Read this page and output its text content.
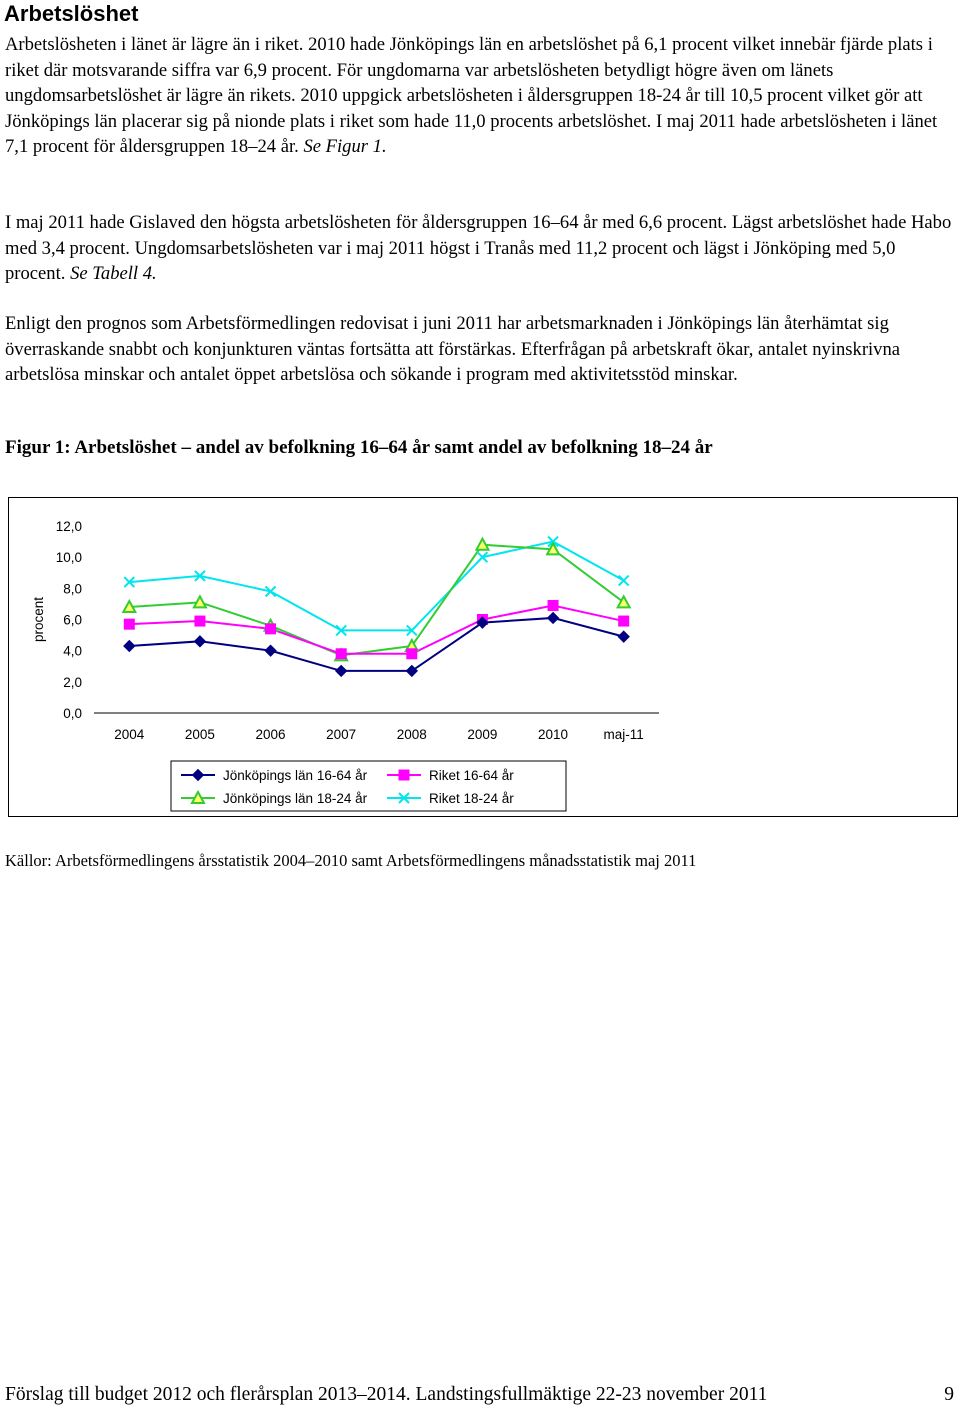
Arbetslöshet

Arbetslösheten i länet är lägre än i riket. 2010 hade Jönköpings län en arbetslöshet på 6,1 procent vilket innebär fjärde plats i riket där motsvarande siffra var 6,9 procent. För ungdomarna var arbetslösheten betydligt högre även om länets ungdomsarbetslöshet är lägre än rikets. 2010 uppgick arbetslösheten i åldersgruppen 18-24 år till 10,5 procent vilket gör att Jönköpings län placerar sig på nionde plats i riket som hade 11,0 procents arbetslöshet. I maj 2011 hade arbetslösheten i länet 7,1 procent för åldersgruppen 18–24 år. Se Figur 1.

I maj 2011 hade Gislaved den högsta arbetslösheten för åldersgruppen 16–64 år med 6,6 procent. Lägst arbetslöshet hade Habo med 3,4 procent. Ungdomsarbetslösheten var i maj 2011 högst i Tranås med 11,2 procent och lägst i Jönköping med 5,0 procent. Se Tabell 4.

Enligt den prognos som Arbetsförmedlingen redovisat i juni 2011 har arbetsmarknaden i Jönköpings län återhämtat sig överraskande snabbt och konjunkturen väntas fortsätta att förstärkas. Efterfrågan på arbetskraft ökar, antalet nyinskrivna arbetslösa minskar och antalet öppet arbetslösa och sökande i program med aktivitetsstöd minskar.

Figur 1: Arbetslöshet – andel av befolkning 16–64 år samt andel av befolkning 18–24 år
0,0
2,0
4,0
6,0
8,0
10,0
12,0
procent
2004	2005	2006	2007	2008	2009	2010	maj-11
Jönköpings län 16-64 år	Riket 16-64 år
Jönköpings län 18-24 år	Riket 18-24 år
Källor: Arbetsförmedlingens årsstatistik 2004–2010 samt Arbetsförmedlingens månadsstatistik maj 2011
Förslag till budget 2012 och flerårsplan 2013–2014. Landstingsfullmäktige 22-23 november 2011	9
